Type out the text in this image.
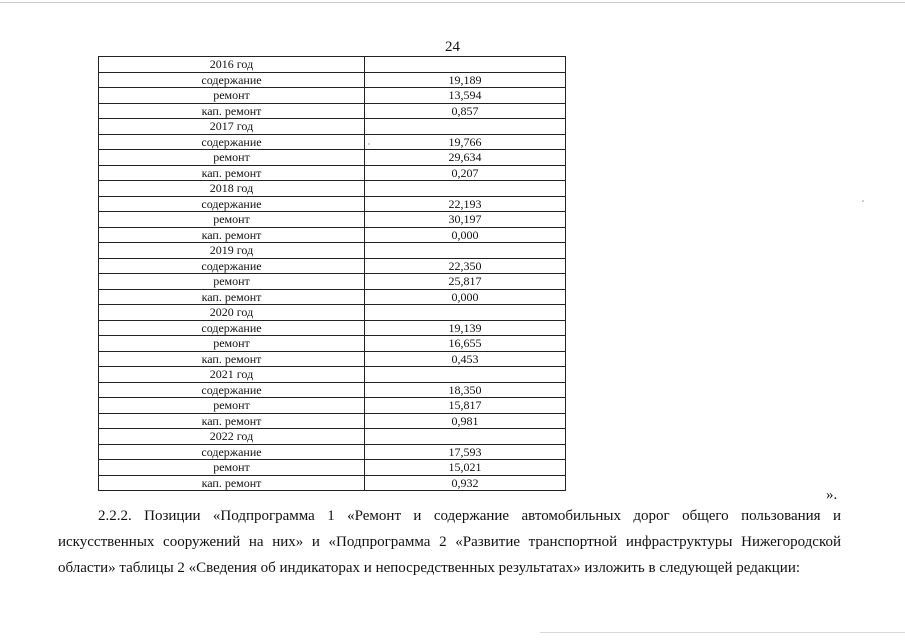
24
2016 год	
содержание	19,189
ремонт	13,594
кап. ремонт	0,857
2017 год	
содержание	19,766
ремонт	29,634
кап. ремонт	0,207
2018 год	
содержание	22,193
ремонт	30,197
кап. ремонт	0,000
2019 год	
содержание	22,350
ремонт	25,817
кап. ремонт	0,000
2020 год	
содержание	19,139
ремонт	16,655
кап. ремонт	0,453
2021 год	
содержание	18,350
ремонт	15,817
кап. ремонт	0,981
2022 год	
содержание	17,593
ремонт	15,021
кап. ремонт	0,932
».
2.2.2. Позиции «Подпрограмма 1 «Ремонт и содержание автомобильных дорог общего пользования и искусственных сооружений на них» и «Подпрограмма 2 «Развитие транспортной инфраструктуры Нижегородской области» таблицы 2 «Сведения об индикаторах и непосредственных результатах» изложить в следующей редакции:
